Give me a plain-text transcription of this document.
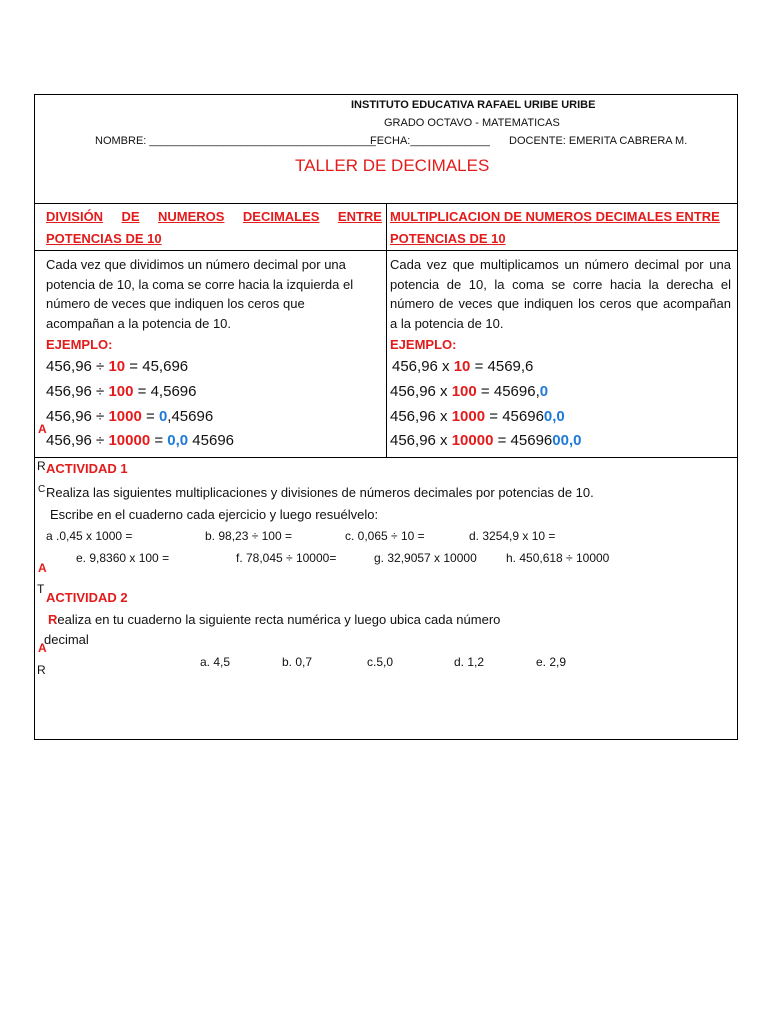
INSTITUTO EDUCATIVA RAFAEL URIBE URIBE
GRADO OCTAVO - MATEMATICAS
NOMBRE: _____________________________________
FECHA:_____________ DOCENTE: EMERITA CABRERA M.
TALLER DE DECIMALES
DIVISIÓN DE NUMEROS DECIMALES ENTRE
POTENCIAS DE 10
Cada vez que dividimos un número decimal por una potencia de 10, la coma se corre hacia la izquierda el número de veces que indiquen los ceros que acompañan a la potencia de 10.
EJEMPLO:
456,96 ÷ 10 = 45,696
456,96 ÷ 100 = 4,5696
456,96 ÷ 1000 = 0,45696
456,96 ÷ 10000 = 0,0 45696
MULTIPLICACION DE NUMEROS DECIMALES ENTRE
POTENCIAS DE 10
Cada vez que multiplicamos un número decimal por una potencia de 10, la coma se corre hacia la derecha el número de veces que indiquen los ceros que acompañan a la potencia de 10.
EJEMPLO:
456,96 x 10 = 4569,6
456,96 x 100 = 45696,0
456,96 x 1000 = 456960,0
456,96 x 10000 = 4569600,0
A
R
C
A
T
A
R
ACTIVIDAD 1
Realiza las siguientes multiplicaciones y divisiones de números decimales por potencias de 10.
Escribe en el cuaderno cada ejercicio y luego resuélvelo:
a .0,45 x 1000 =	b. 98,23 ÷ 100 =	c. 0,065 ÷ 10 =	d. 3254,9 x 10 =
e. 9,8360 x 100 =	f. 78,045 ÷ 10000=	g. 32,9057 x 10000 h. 450,618 ÷ 10000
ACTIVIDAD 2
Realiza en tu cuaderno la siguiente recta numérica y luego ubica cada número
decimal
a. 4,5	b. 0,7	c.5,0	d. 1,2	e. 2,9
